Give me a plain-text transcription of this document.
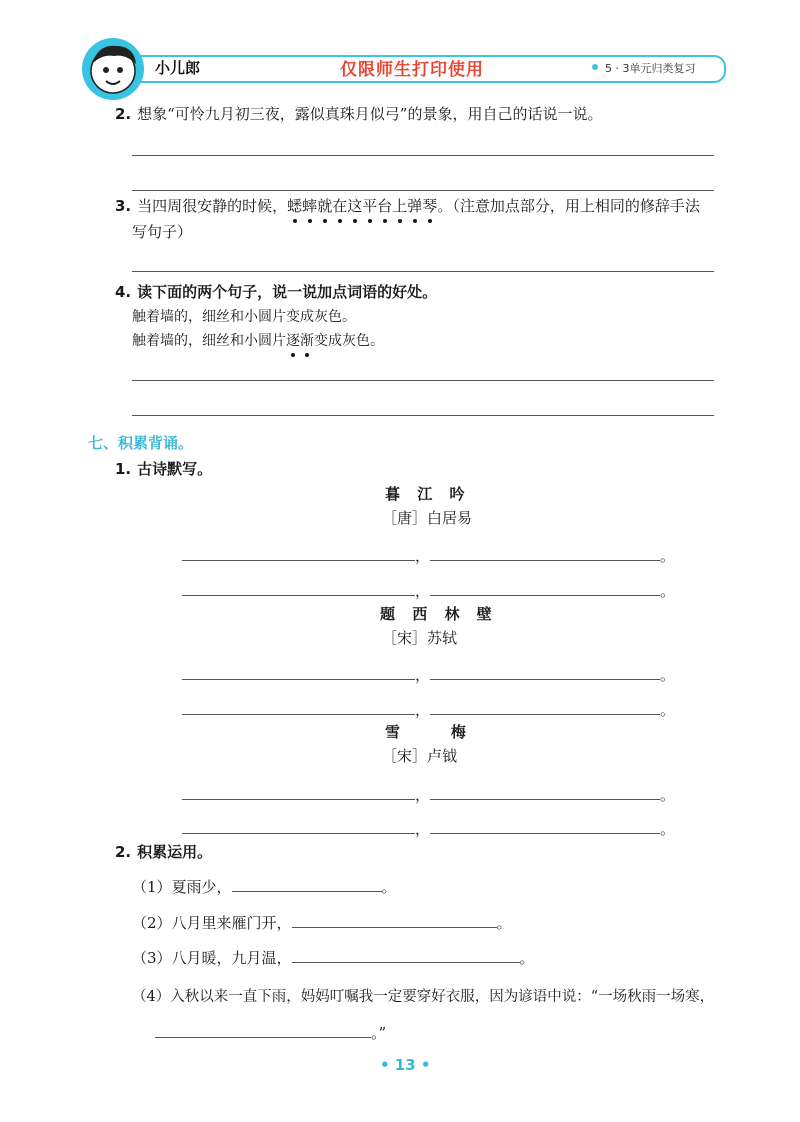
小儿郎	仅限师生打印使用	5 · 3单元归类复习
2. 想象“可怜九月初三夜，露似真珠月似弓”的景象，用自己的话说一说。
3. 当四周很安静的时候，蟋蟀就在这平台上弹琴。（注意加点部分，用上相同的修辞手法
写句子）
4. 读下面的两个句子，说一说加点词语的好处。
触着墙的，细丝和小圆片变成灰色。
触着墙的，细丝和小圆片逐渐变成灰色。
七、积累背诵。
1. 古诗默写。
暮 江 吟
［唐］白居易
，	。
，	。
题 西 林 壁
［宋］苏轼
，	。
，	。
雪    梅
［宋］卢钺
，	。
，	。
2. 积累运用。
（1）夏雨少，	。
（2）八月里来雁门开，	。
（3）八月暖，九月温，	。
（4）入秋以来一直下雨，妈妈叮嘱我一定要穿好衣服，因为谚语中说：“一场秋雨一场寒，
。”
• 13 •
